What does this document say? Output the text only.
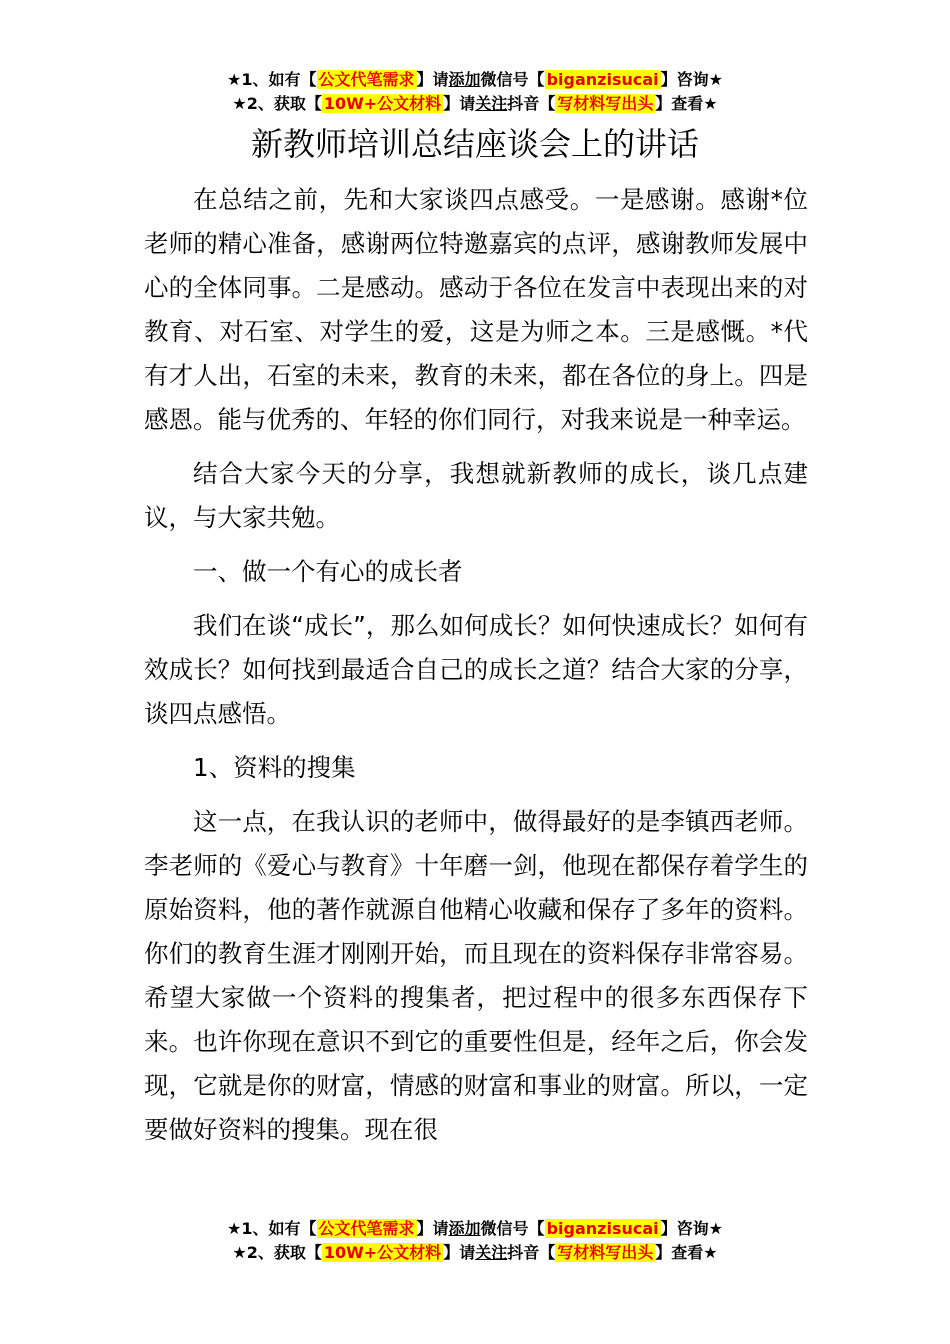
★1、如有【 公文代笔需求 】请添加微信号【 biganzisucai 】咨询★
★2、获取【 10W+公文材料 】请关注抖音【 写材料写出头 】查看★
新教师培训总结座谈会上的讲话

在总结之前，先和大家谈四点感受。一是感谢。感谢*位老师的精心准备，感谢两位特邀嘉宾的点评，感谢教师发展中心的全体同事。二是感动。感动于各位在发言中表现出来的对教育、对石室、对学生的爱，这是为师之本。三是感慨。*代有才人出，石室的未来，教育的未来，都在各位的身上。四是感恩。能与优秀的、年轻的你们同行，对我来说是一种幸运。

结合大家今天的分享，我想就新教师的成长，谈几点建议，与大家共勉。

一、做一个有心的成长者

我们在谈“成长”，那么如何成长？如何快速成长？如何有效成长？如何找到最适合自己的成长之道？结合大家的分享，谈四点感悟。

1、资料的搜集

这一点，在我认识的老师中，做得最好的是李镇西老师。李老师的《爱心与教育》十年磨一剑，他现在都保存着学生的原始资料，他的著作就源自他精心收藏和保存了多年的资料。你们的教育生涯才刚刚开始，而且现在的资料保存非常容易。希望大家做一个资料的搜集者，把过程中的很多东西保存下来。也许你现在意识不到它的重要性但是，经年之后，你会发现，它就是你的财富，情感的财富和事业的财富。所以，一定要做好资料的搜集。现在很

★1、如有【 公文代笔需求 】请添加微信号【 biganzisucai 】咨询★
★2、获取【 10W+公文材料 】请关注抖音【 写材料写出头 】查看★
